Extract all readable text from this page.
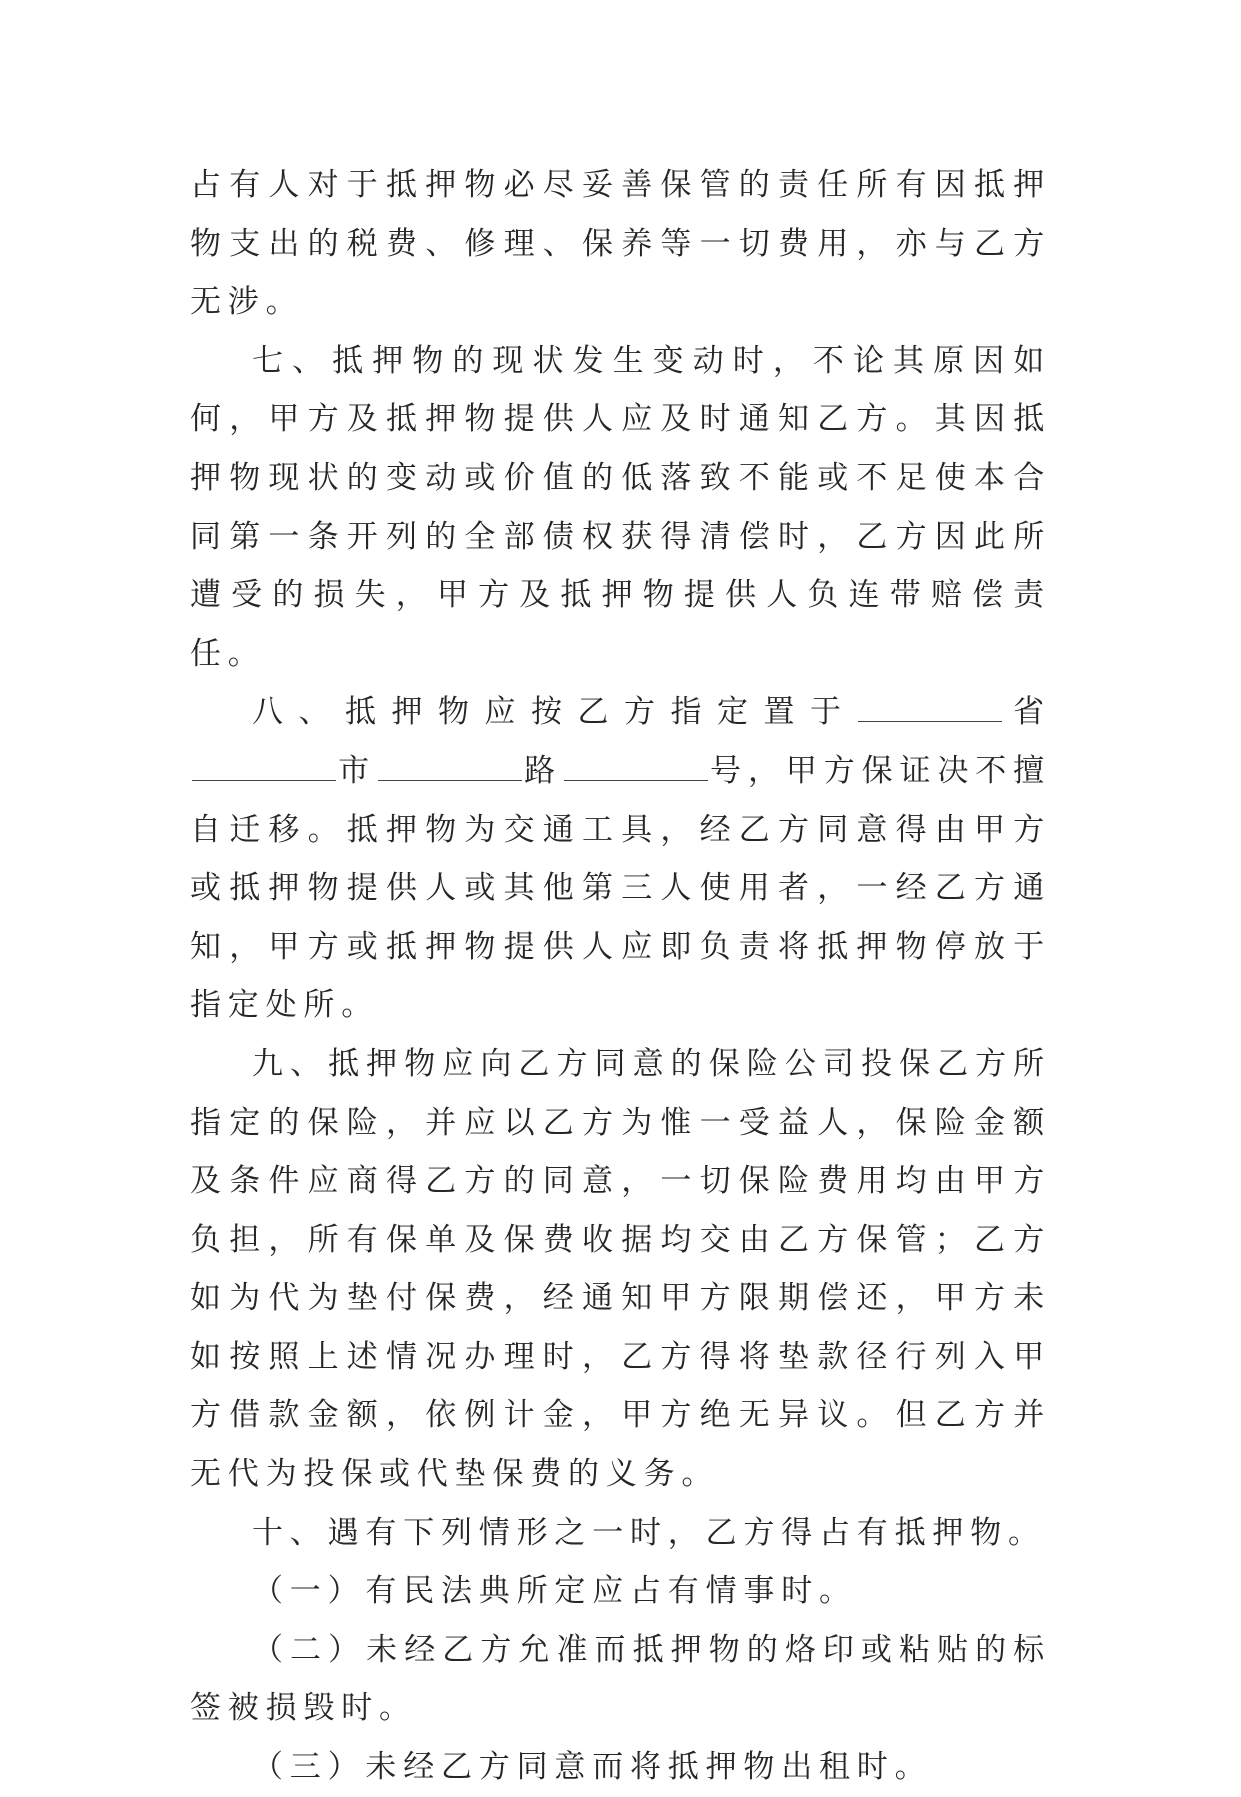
占有人对于抵押物必尽妥善保管的责任所有因抵押物支出的税费、修理、保养等一切费用，亦与乙方无涉。

七、抵押物的现状发生变动时，不论其原因如何，甲方及抵押物提供人应及时通知乙方。其因抵押物现状的变动或价值的低落致不能或不足使本合同第一条开列的全部债权获得清偿时，乙方因此所遭受的损失，甲方及抵押物提供人负连带赔偿责任。

八、抵押物应按乙方指定置于	省市	路	号，甲方保证决不擅自迁移。抵押物为交通工具，经乙方同意得由甲方或抵押物提供人或其他第三人使用者，一经乙方通知，甲方或抵押物提供人应即负责将抵押物停放于指定处所。

九、抵押物应向乙方同意的保险公司投保乙方所指定的保险，并应以乙方为惟一受益人，保险金额及条件应商得乙方的同意，一切保险费用均由甲方负担，所有保单及保费收据均交由乙方保管；乙方如为代为垫付保费，经通知甲方限期偿还，甲方未如按照上述情况办理时，乙方得将垫款径行列入甲方借款金额，依例计金，甲方绝无异议。但乙方并无代为投保或代垫保费的义务。

十、遇有下列情形之一时，乙方得占有抵押物。

（一）有民法典所定应占有情事时。

（二）未经乙方允准而抵押物的烙印或粘贴的标签被损毁时。

（三）未经乙方同意而将抵押物出租时。
